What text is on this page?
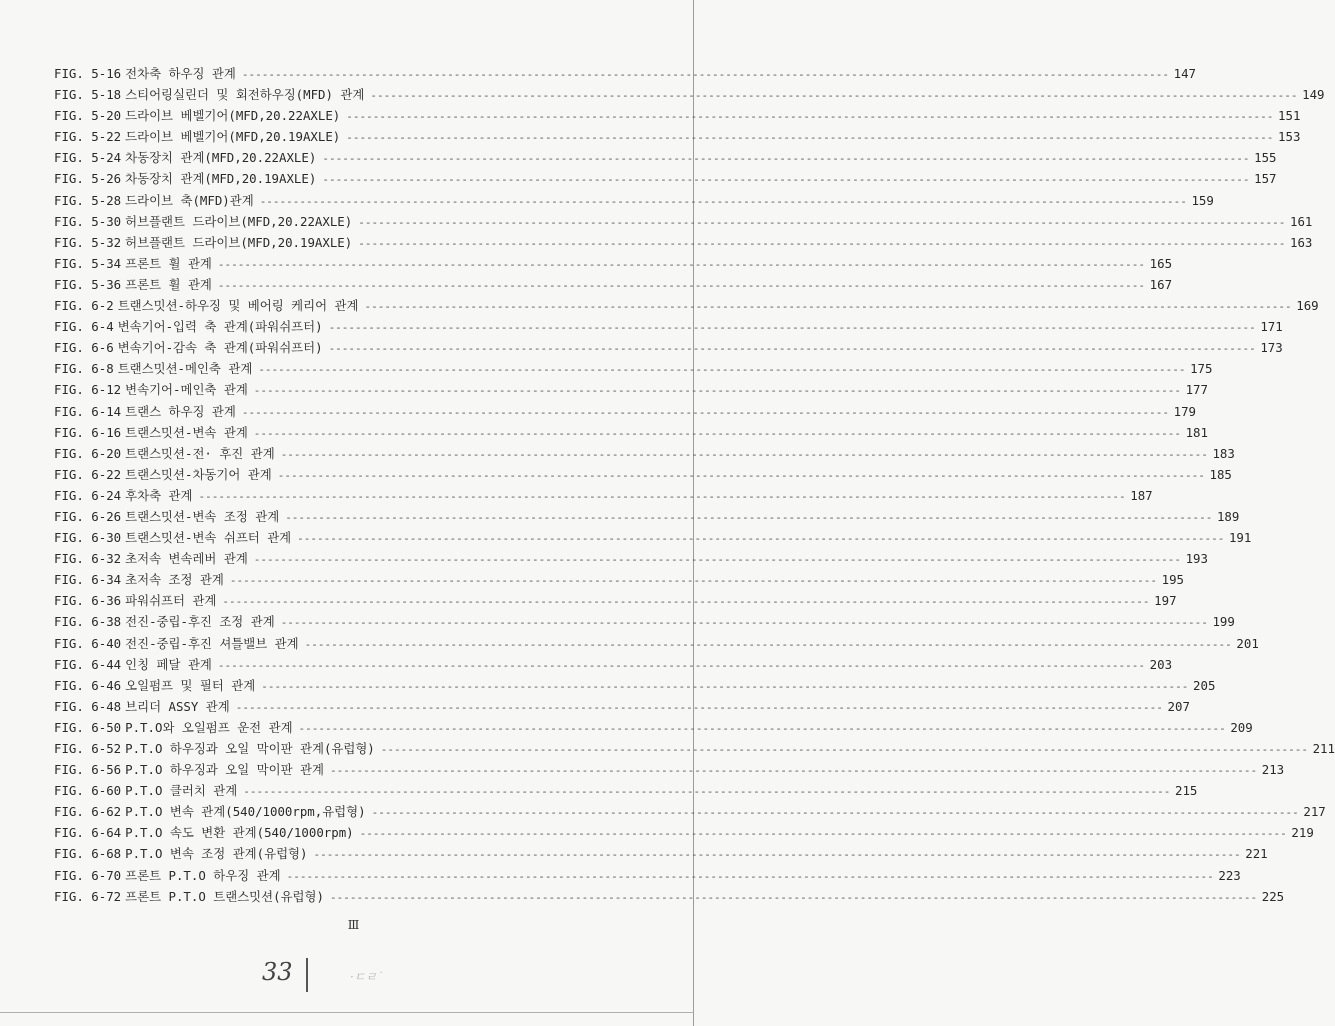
FIG. 5-16 전차축 하우징 관계 -------------------------------------------------------------------------------------------------------------------------------------------- 147
FIG. 5-18 스티어링실린더 및 회전하우징(MFD) 관계 -------------------------------------------------------------------------------------------------------------------------------------------- 149
FIG. 5-20 드라이브 베벨기어(MFD,20.22AXLE) -------------------------------------------------------------------------------------------------------------------------------------------- 151
FIG. 5-22 드라이브 베벨기어(MFD,20.19AXLE) -------------------------------------------------------------------------------------------------------------------------------------------- 153
FIG. 5-24 차동장치 관계(MFD,20.22AXLE) -------------------------------------------------------------------------------------------------------------------------------------------- 155
FIG. 5-26 차동장치 관계(MFD,20.19AXLE) -------------------------------------------------------------------------------------------------------------------------------------------- 157
FIG. 5-28 드라이브 축(MFD)관계 -------------------------------------------------------------------------------------------------------------------------------------------- 159
FIG. 5-30 허브플랜트 드라이브(MFD,20.22AXLE) -------------------------------------------------------------------------------------------------------------------------------------------- 161
FIG. 5-32 허브플랜트 드라이브(MFD,20.19AXLE) -------------------------------------------------------------------------------------------------------------------------------------------- 163
FIG. 5-34 프론트 휠 관계 -------------------------------------------------------------------------------------------------------------------------------------------- 165
FIG. 5-36 프론트 휠 관계 -------------------------------------------------------------------------------------------------------------------------------------------- 167
FIG. 6-2 트랜스밋션-하우징 및 베어링 케리어 관계 -------------------------------------------------------------------------------------------------------------------------------------------- 169
FIG. 6-4 변속기어-입력 축 관계(파워쉬프터) -------------------------------------------------------------------------------------------------------------------------------------------- 171
FIG. 6-6 변속기어-감속 축 관계(파워쉬프터) -------------------------------------------------------------------------------------------------------------------------------------------- 173
FIG. 6-8 트랜스밋션-메인축 관계 -------------------------------------------------------------------------------------------------------------------------------------------- 175
FIG. 6-12 변속기어-메인축 관계 -------------------------------------------------------------------------------------------------------------------------------------------- 177
FIG. 6-14 트랜스 하우징 관계 -------------------------------------------------------------------------------------------------------------------------------------------- 179
FIG. 6-16 트랜스밋션-변속 관계 -------------------------------------------------------------------------------------------------------------------------------------------- 181
FIG. 6-20 트랜스밋션-전· 후진 관계 -------------------------------------------------------------------------------------------------------------------------------------------- 183
FIG. 6-22 트랜스밋션-차동기어 관계 -------------------------------------------------------------------------------------------------------------------------------------------- 185
FIG. 6-24 후차축 관계 -------------------------------------------------------------------------------------------------------------------------------------------- 187
FIG. 6-26 트랜스밋션-변속 조정 관계 -------------------------------------------------------------------------------------------------------------------------------------------- 189
FIG. 6-30 트랜스밋션-변속 쉬프터 관계 -------------------------------------------------------------------------------------------------------------------------------------------- 191
FIG. 6-32 초저속 변속레버 관계 -------------------------------------------------------------------------------------------------------------------------------------------- 193
FIG. 6-34 초저속 조정 관계 -------------------------------------------------------------------------------------------------------------------------------------------- 195
FIG. 6-36 파워쉬프터 관계 -------------------------------------------------------------------------------------------------------------------------------------------- 197
FIG. 6-38 전진-중립-후진 조정 관계 -------------------------------------------------------------------------------------------------------------------------------------------- 199
FIG. 6-40 전진-중립-후진 셔틀밸브 관계 -------------------------------------------------------------------------------------------------------------------------------------------- 201
FIG. 6-44 인칭 페달 관계 -------------------------------------------------------------------------------------------------------------------------------------------- 203
FIG. 6-46 오일펌프 및 필터 관계 -------------------------------------------------------------------------------------------------------------------------------------------- 205
FIG. 6-48 브리더 ASSY 관계 -------------------------------------------------------------------------------------------------------------------------------------------- 207
FIG. 6-50 P.T.O와 오일펌프 운전 관계 -------------------------------------------------------------------------------------------------------------------------------------------- 209
FIG. 6-52 P.T.O 하우징과 오일 막이판 관계(유럽형) -------------------------------------------------------------------------------------------------------------------------------------------- 211
FIG. 6-56 P.T.O 하우징과 오일 막이판 관계 -------------------------------------------------------------------------------------------------------------------------------------------- 213
FIG. 6-60 P.T.O 클러치 관계 -------------------------------------------------------------------------------------------------------------------------------------------- 215
FIG. 6-62 P.T.O 변속 관계(540/1000rpm,유럽형) -------------------------------------------------------------------------------------------------------------------------------------------- 217
FIG. 6-64 P.T.O 속도 변환 관계(540/1000rpm) -------------------------------------------------------------------------------------------------------------------------------------------- 219
FIG. 6-68 P.T.O 변속 조정 관계(유럽형) -------------------------------------------------------------------------------------------------------------------------------------------- 221
FIG. 6-70 프론트 P.T.O 하우징 관계 -------------------------------------------------------------------------------------------------------------------------------------------- 223
FIG. 6-72 프론트 P.T.O 트랜스밋션(유럽형) -------------------------------------------------------------------------------------------------------------------------------------------- 225
Ⅲ
33	·ㄷㄹ˙
